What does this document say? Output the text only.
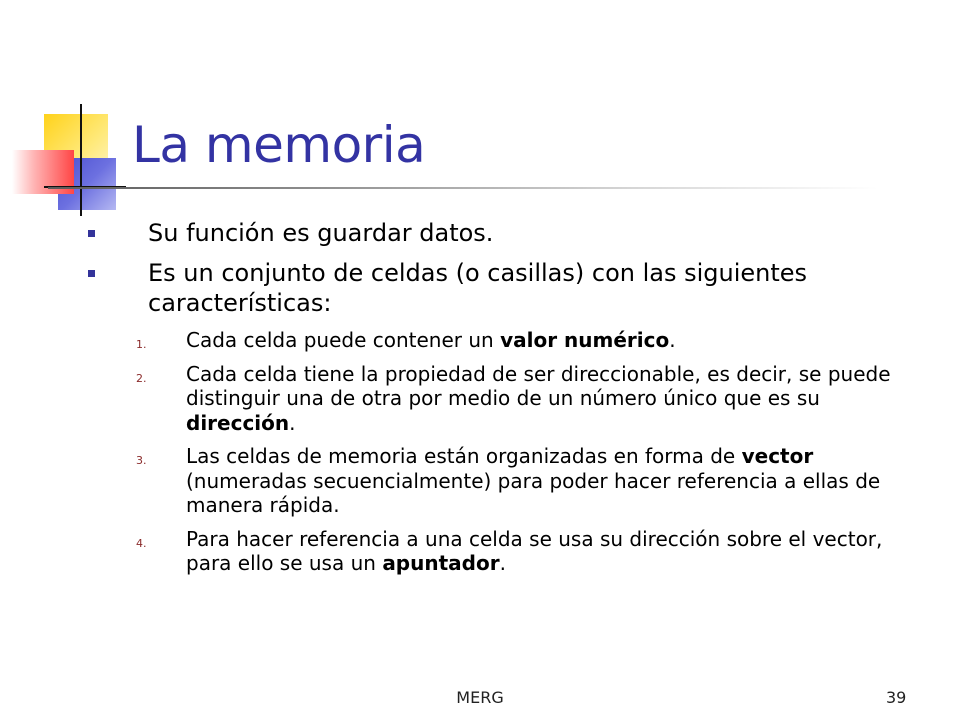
La memoria

Su función es guardar datos.

Es un conjunto de celdas (o casillas) con las siguientes características:

1. Cada celda puede contener un valor numérico.
2. Cada celda tiene la propiedad de ser direccionable, es decir, se puede distinguir una de otra por medio de un número único que es su dirección.
3. Las celdas de memoria están organizadas en forma de vector (numeradas secuencialmente) para poder hacer referencia a ellas de manera rápida.
4. Para hacer referencia a una celda se usa su dirección sobre el vector, para ello se usa un apuntador.
MERG	39
